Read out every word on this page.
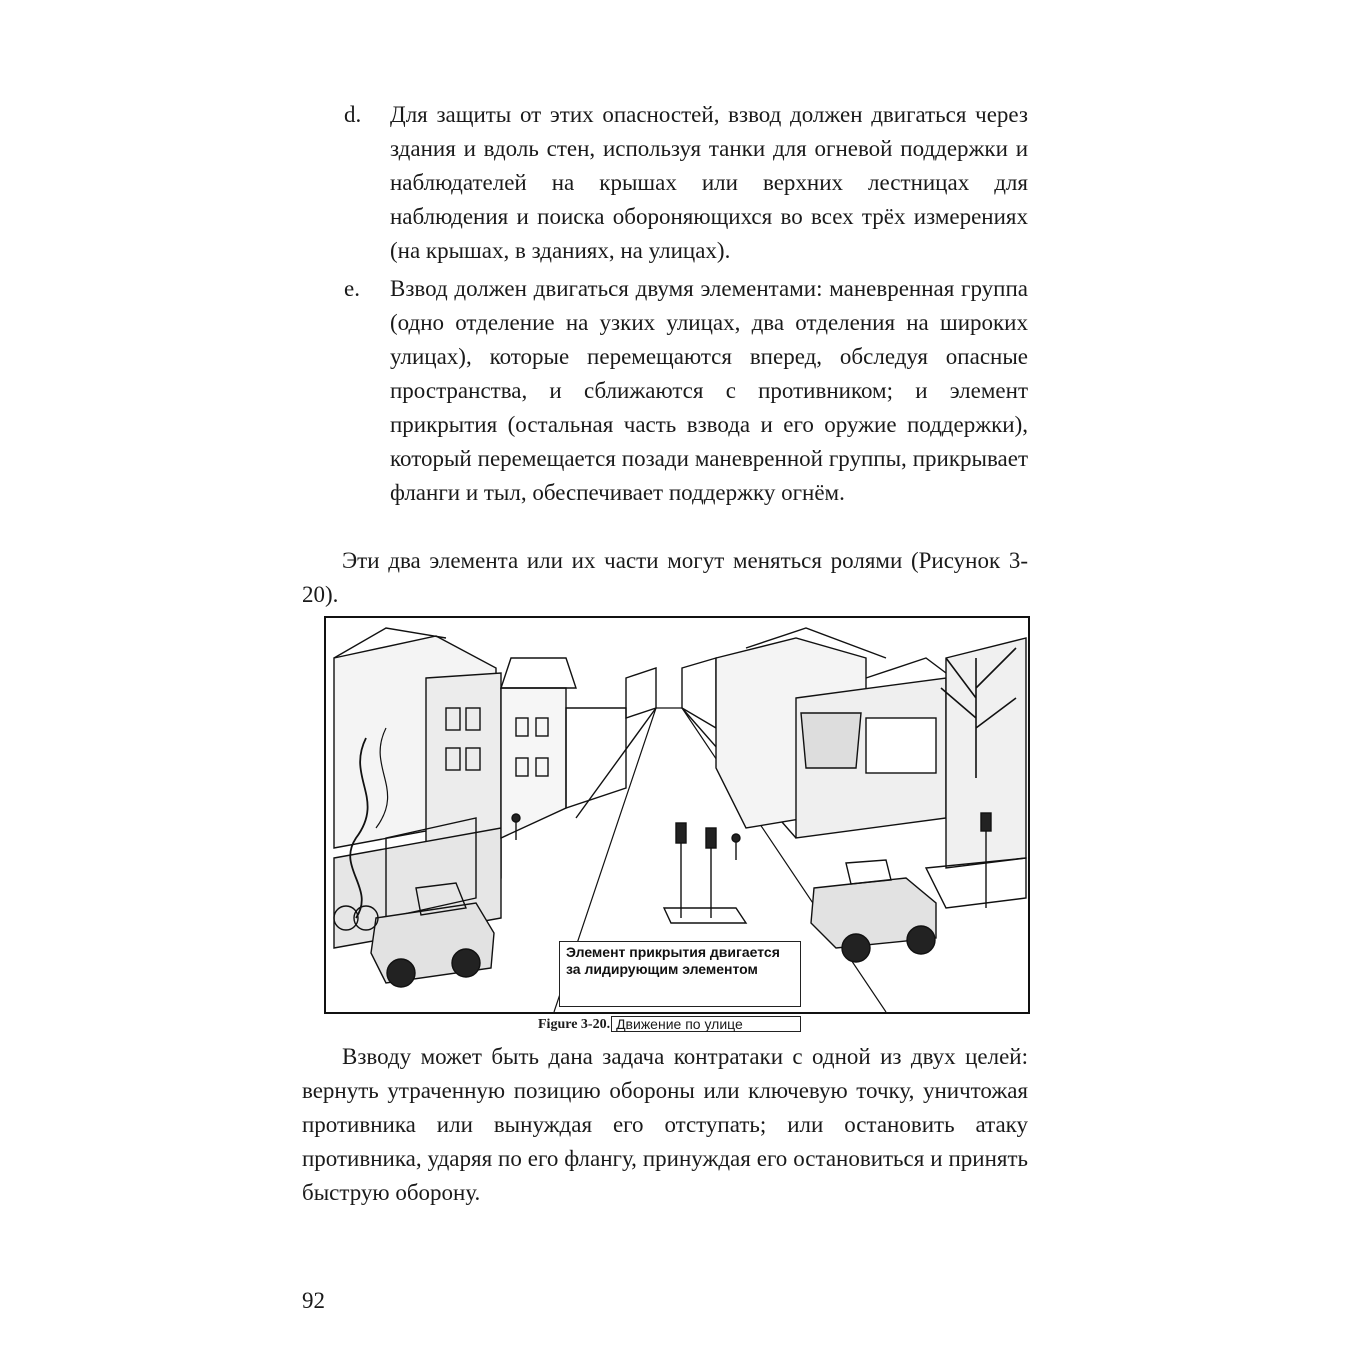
d. Для защиты от этих опасностей, взвод должен двигаться через здания и вдоль стен, используя танки для огневой поддержки и наблюдателей на крышах или верхних лестницах для наблюдения и поиска обороняющихся во всех трёх измерениях (на крышах, в зданиях, на улицах).
e. Взвод должен двигаться двумя элементами: маневренная группа (одно отделение на узких улицах, два отделения на широких улицах), которые перемещаются вперед, обследуя опасные пространства, и сближаются с противником; и элемент прикрытия (остальная часть взвода и его оружие поддержки), который перемещается позади маневренной группы, прикрывает фланги и тыл, обеспечивает поддержку огнём.

Эти два элемента или их части могут меняться ролями (Рисунок 3-20).

Элемент прикрытия двигается за лидирующим элементом
Figure 3-20. Движение по улице

Взводу может быть дана задача контратаки с одной из двух целей: вернуть утраченную позицию обороны или ключевую точку, уничтожая противника или вынуждая его отступать; или остановить атаку противника, ударяя по его флангу, принуждая его остановиться и принять быструю оборону.

92
